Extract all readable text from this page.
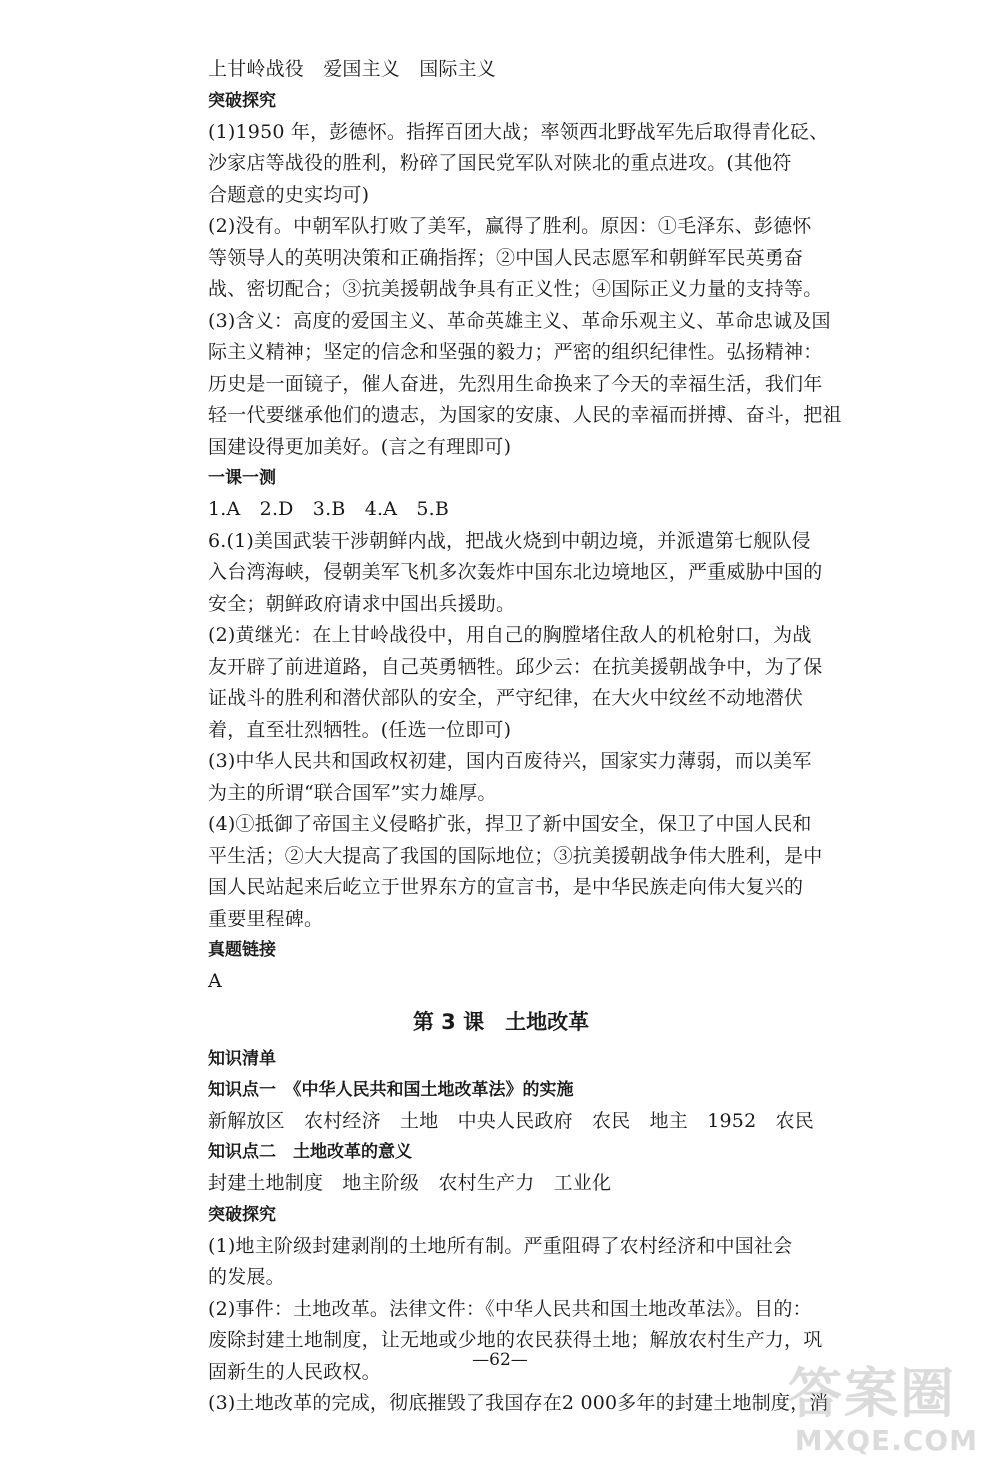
上甘岭战役　爱国主义　国际主义
突破探究
(1)1950 年，彭德怀。指挥百团大战；率领西北野战军先后取得青化砭、
沙家店等战役的胜利，粉碎了国民党军队对陕北的重点进攻。(其他符
合题意的史实均可)
(2)没有。中朝军队打败了美军，赢得了胜利。原因：①毛泽东、彭德怀
等领导人的英明决策和正确指挥；②中国人民志愿军和朝鲜军民英勇奋
战、密切配合；③抗美援朝战争具有正义性；④国际正义力量的支持等。
(3)含义：高度的爱国主义、革命英雄主义、革命乐观主义、革命忠诚及国
际主义精神；坚定的信念和坚强的毅力；严密的组织纪律性。弘扬精神：
历史是一面镜子，催人奋进，先烈用生命换来了今天的幸福生活，我们年
轻一代要继承他们的遗志，为国家的安康、人民的幸福而拼搏、奋斗，把祖
国建设得更加美好。(言之有理即可)
一课一测
1.A　2.D　3.B　4.A　5.B
6.(1)美国武装干涉朝鲜内战，把战火烧到中朝边境，并派遣第七舰队侵
入台湾海峡，侵朝美军飞机多次轰炸中国东北边境地区，严重威胁中国的
安全；朝鲜政府请求中国出兵援助。
(2)黄继光：在上甘岭战役中，用自己的胸膛堵住敌人的机枪射口，为战
友开辟了前进道路，自己英勇牺牲。邱少云：在抗美援朝战争中，为了保
证战斗的胜利和潜伏部队的安全，严守纪律，在大火中纹丝不动地潜伏
着，直至壮烈牺牲。(任选一位即可)
(3)中华人民共和国政权初建，国内百废待兴，国家实力薄弱，而以美军
为主的所谓“联合国军”实力雄厚。
(4)①抵御了帝国主义侵略扩张，捍卫了新中国安全，保卫了中国人民和
平生活；②大大提高了我国的国际地位；③抗美援朝战争伟大胜利，是中
国人民站起来后屹立于世界东方的宣言书，是中华民族走向伟大复兴的
重要里程碑。
真题链接
A
第 3 课　土地改革
知识清单
知识点一　《中华人民共和国土地改革法》的实施
新解放区　农村经济　土地　中央人民政府　农民　地主　1952　农民
知识点二　土地改革的意义
封建土地制度　地主阶级　农村生产力　工业化
突破探究
(1)地主阶级封建剥削的土地所有制。严重阻碍了农村经济和中国社会
的发展。
(2)事件：土地改革。法律文件：《中华人民共和国土地改革法》。目的：
废除封建土地制度，让无地或少地的农民获得土地；解放农村生产力，巩
固新生的人民政权。
(3)土地改革的完成，彻底摧毁了我国存在2 000多年的封建土地制度，消
—62—
答案圈
MXQE.COM
